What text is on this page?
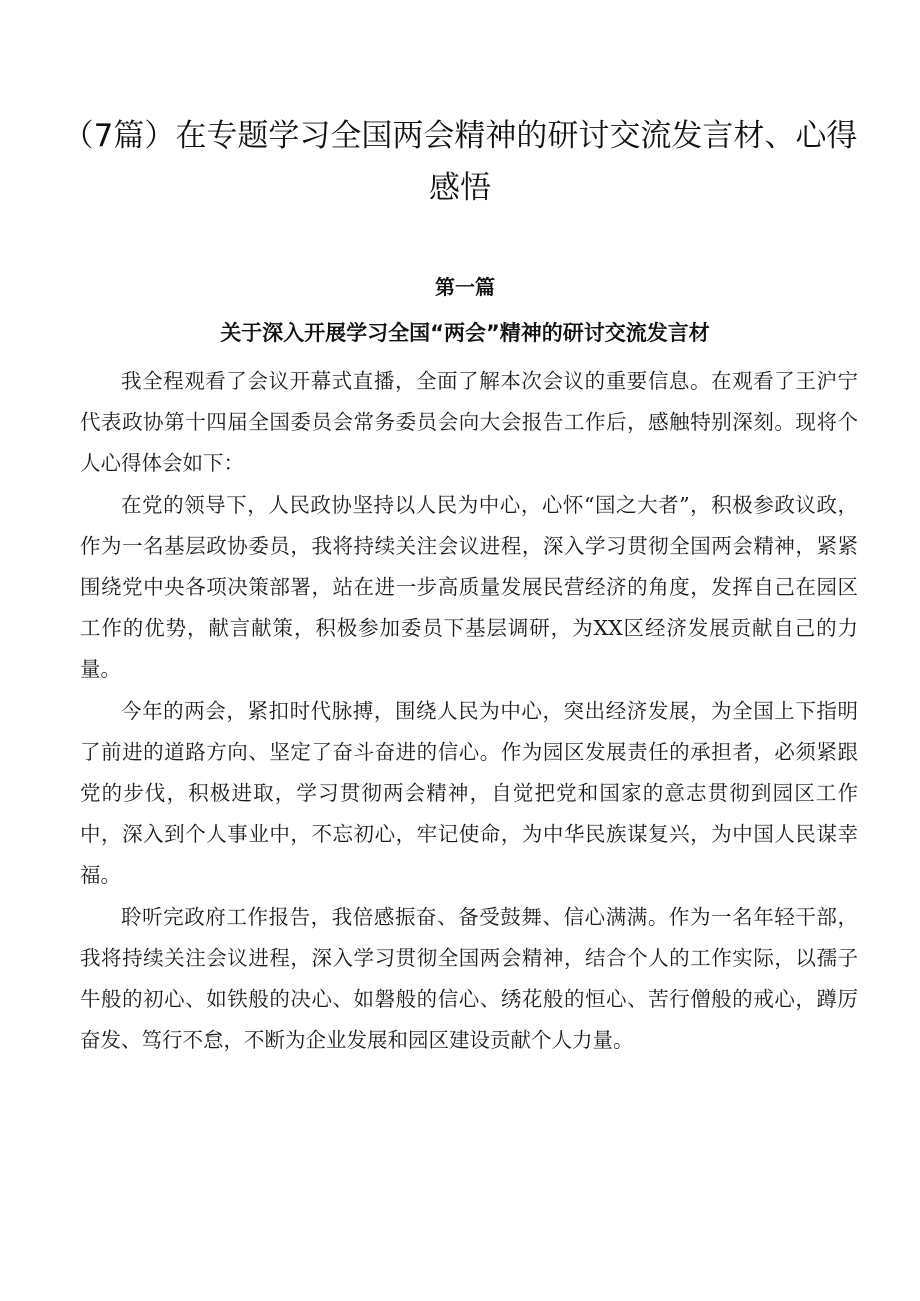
（7篇）在专题学习全国两会精神的研讨交流发言材、心得感悟
第一篇
关于深入开展学习全国“两会”精神的研讨交流发言材

我全程观看了会议开幕式直播，全面了解本次会议的重要信息。在观看了王沪宁代表政协第十四届全国委员会常务委员会向大会报告工作后，感触特别深刻。现将个人心得体会如下：

在党的领导下，人民政协坚持以人民为中心，心怀“国之大者”，积极参政议政，作为一名基层政协委员，我将持续关注会议进程，深入学习贯彻全国两会精神，紧紧围绕党中央各项决策部署，站在进一步高质量发展民营经济的角度，发挥自己在园区工作的优势，献言献策，积极参加委员下基层调研，为XX区经济发展贡献自己的力量。

今年的两会，紧扣时代脉搏，围绕人民为中心，突出经济发展，为全国上下指明了前进的道路方向、坚定了奋斗奋进的信心。作为园区发展责任的承担者，必须紧跟党的步伐，积极进取，学习贯彻两会精神，自觉把党和国家的意志贯彻到园区工作中，深入到个人事业中，不忘初心，牢记使命，为中华民族谋复兴，为中国人民谋幸福。

聆听完政府工作报告，我倍感振奋、备受鼓舞、信心满满。作为一名年轻干部，我将持续关注会议进程，深入学习贯彻全国两会精神，结合个人的工作实际，以孺子牛般的初心、如铁般的决心、如磐般的信心、绣花般的恒心、苦行僧般的戒心，蹲厉奋发、笃行不怠，不断为企业发展和园区建设贡献个人力量。
